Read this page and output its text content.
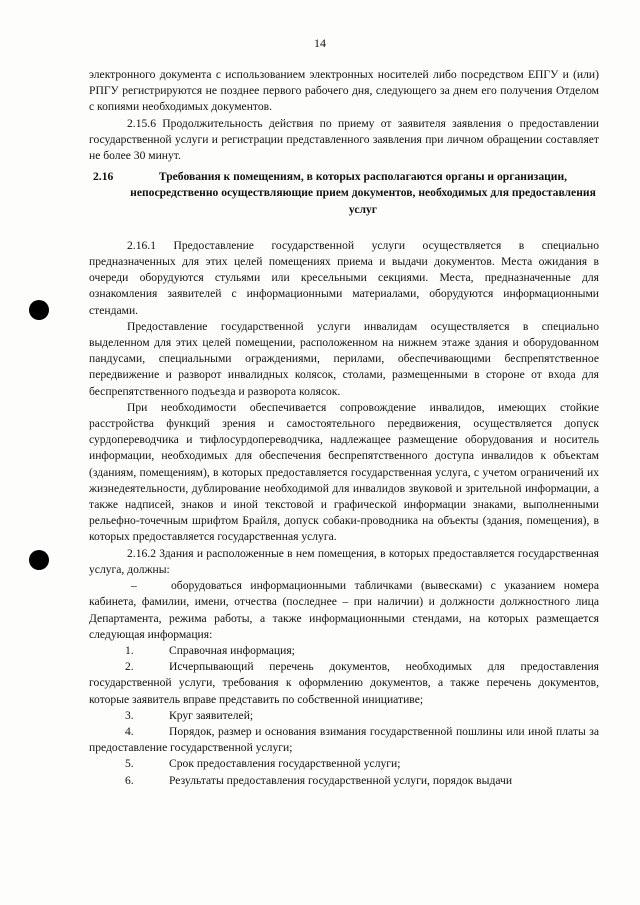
14

электронного документа с использованием электронных носителей либо посредством ЕПГУ и (или) РПГУ регистрируются не позднее первого рабочего дня, следующего за днем его получения Отделом с копиями необходимых документов.

2.15.6 Продолжительность действия по приему от заявителя заявления о предоставлении государственной услуги и регистрации представленного заявления при личном обращении составляет не более 30 минут.

2.16	Требования к помещениям, в которых располагаются органы и организации, непосредственно осуществляющие прием документов, необходимых для предоставления услуг

2.16.1 Предоставление государственной услуги осуществляется в специально предназначенных для этих целей помещениях приема и выдачи документов. Места ожидания в очереди оборудуются стульями или кресельными секциями. Места, предназначенные для ознакомления заявителей с информационными материалами, оборудуются информационными стендами.

Предоставление государственной услуги инвалидам осуществляется в специально выделенном для этих целей помещении, расположенном на нижнем этаже здания и оборудованном пандусами, специальными ограждениями, перилами, обеспечивающими беспрепятственное передвижение и разворот инвалидных колясок, столами, размещенными в стороне от входа для беспрепятственного подъезда и разворота колясок.

При необходимости обеспечивается сопровождение инвалидов, имеющих стойкие расстройства функций зрения и самостоятельного передвижения, осуществляется допуск сурдопереводчика и тифлосурдопереводчика, надлежащее размещение оборудования и носитель информации, необходимых для обеспечения беспрепятственного доступа инвалидов к объектам (зданиям, помещениям), в которых предоставляется государственная услуга, с учетом ограничений их жизнедеятельности, дублирование необходимой для инвалидов звуковой и зрительной информации, а также надписей, знаков и иной текстовой и графической информации знаками, выполненными рельефно-точечным шрифтом Брайля, допуск собаки-проводника на объекты (здания, помещения), в которых предоставляется государственная услуга.

2.16.2 Здания и расположенные в нем помещения, в которых предоставляется государственная услуга, должны:

–	оборудоваться информационными табличками (вывесками) с указанием номера кабинета, фамилии, имени, отчества (последнее – при наличии) и должности должностного лица Департамента, режима работы, а также информационными стендами, на которых размещается следующая информация:

1.	Справочная информация;
2.	Исчерпывающий перечень документов, необходимых для предоставления государственной услуги, требования к оформлению документов, а также перечень документов, которые заявитель вправе представить по собственной инициативе;
3.	Круг заявителей;
4.	Порядок, размер и основания взимания государственной пошлины или иной платы за предоставление государственной услуги;
5.	Срок предоставления государственной услуги;
6.	Результаты предоставления государственной услуги, порядок выдачи
